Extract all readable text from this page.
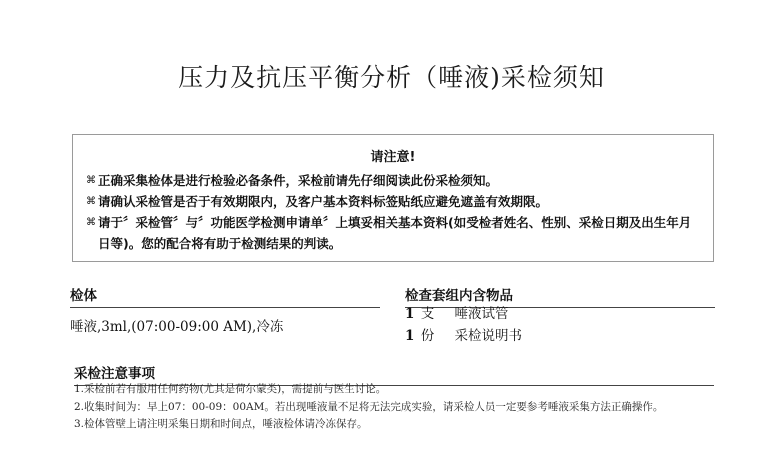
压力及抗压平衡分析（唾液)采检须知
请注意!
⌘ 正确采集检体是进行检验必备条件，采检前请先仔细阅读此份采检须知。
⌘ 请确认采检管是否于有效期限内，及客户基本资料标签贴纸应避免遮盖有效期限。
⌘ 请于〞采检管〞与〞功能医学检测申请单〞上填妥相关基本资料(如受检者姓名、性别、采检日期及出生年月日等)。您的配合将有助于检测结果的判读。
检体
唾液,3ml,(07:00-09:00 AM),冷冻
检查套组内含物品
1 支 唾液试管
1 份 采检说明书
采检注意事项
1.采检前若有服用任何药物(尤其是荷尔蒙类)，需提前与医生讨论。
2.收集时间为：早上07：00-09：00AM。若出现唾液量不足将无法完成实验，请采检人员一定要参考唾液采集方法正确操作。
3.检体管壁上请注明采集日期和时间点，唾液检体请冷冻保存。
